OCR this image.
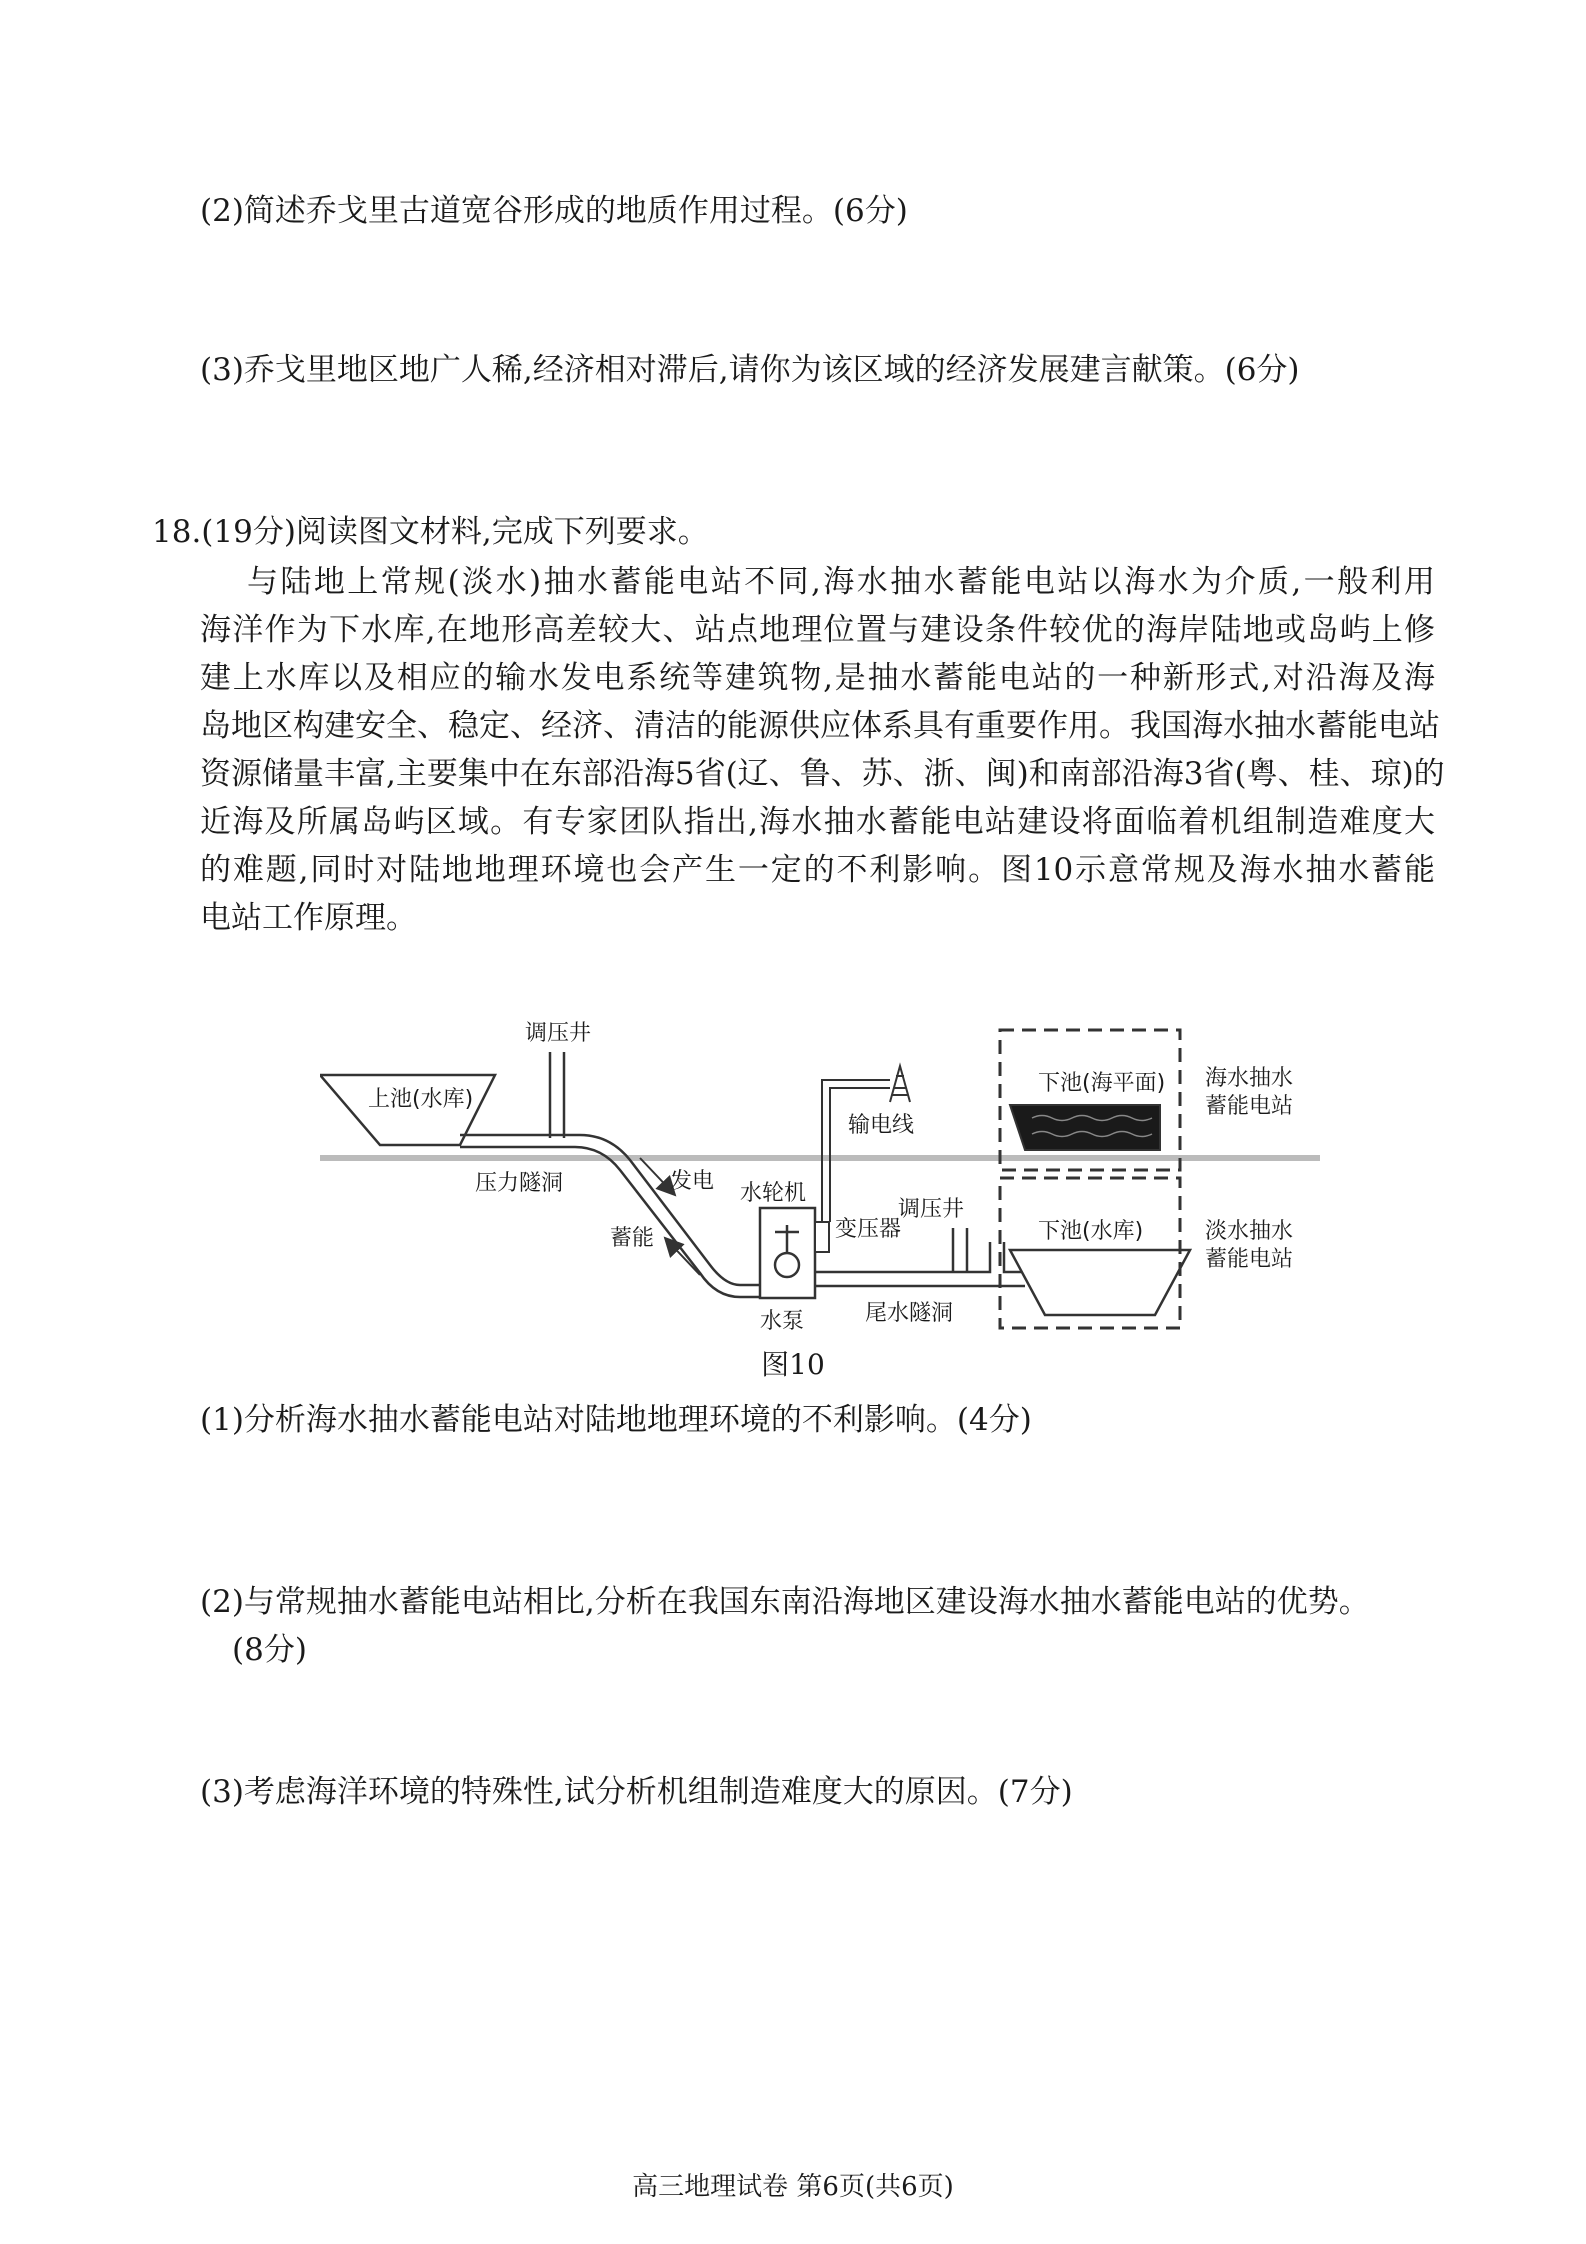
(2)简述乔戈里古道宽谷形成的地质作用过程。(6分)
(3)乔戈里地区地广人稀,经济相对滞后,请你为该区域的经济发展建言献策。(6分)
18.(19分)阅读图文材料,完成下列要求。
与陆地上常规(淡水)抽水蓄能电站不同,海水抽水蓄能电站以海水为介质,一般利用
海洋作为下水库,在地形高差较大、站点地理位置与建设条件较优的海岸陆地或岛屿上修
建上水库以及相应的输水发电系统等建筑物,是抽水蓄能电站的一种新形式,对沿海及海
岛地区构建安全、稳定、经济、清洁的能源供应体系具有重要作用。我国海水抽水蓄能电站
资源储量丰富,主要集中在东部沿海5省(辽、鲁、苏、浙、闽)和南部沿海3省(粤、桂、琼)的
近海及所属岛屿区域。有专家团队指出,海水抽水蓄能电站建设将面临着机组制造难度大
的难题,同时对陆地地理环境也会产生一定的不利影响。图10示意常规及海水抽水蓄能
电站工作原理。
上池(水库)
调压井
压力隧洞	发电
蓄能
水轮机
水泵
变压器
输电线
尾水隧洞
调压井
下池(水库)
下池(海平面) 海水抽水
蓄能电站
淡水抽水
蓄能电站
图10
(1)分析海水抽水蓄能电站对陆地地理环境的不利影响。(4分)
(2)与常规抽水蓄能电站相比,分析在我国东南沿海地区建设海水抽水蓄能电站的优势。
(8分)
(3)考虑海洋环境的特殊性,试分析机组制造难度大的原因。(7分)
高三地理试卷 第6页(共6页)
